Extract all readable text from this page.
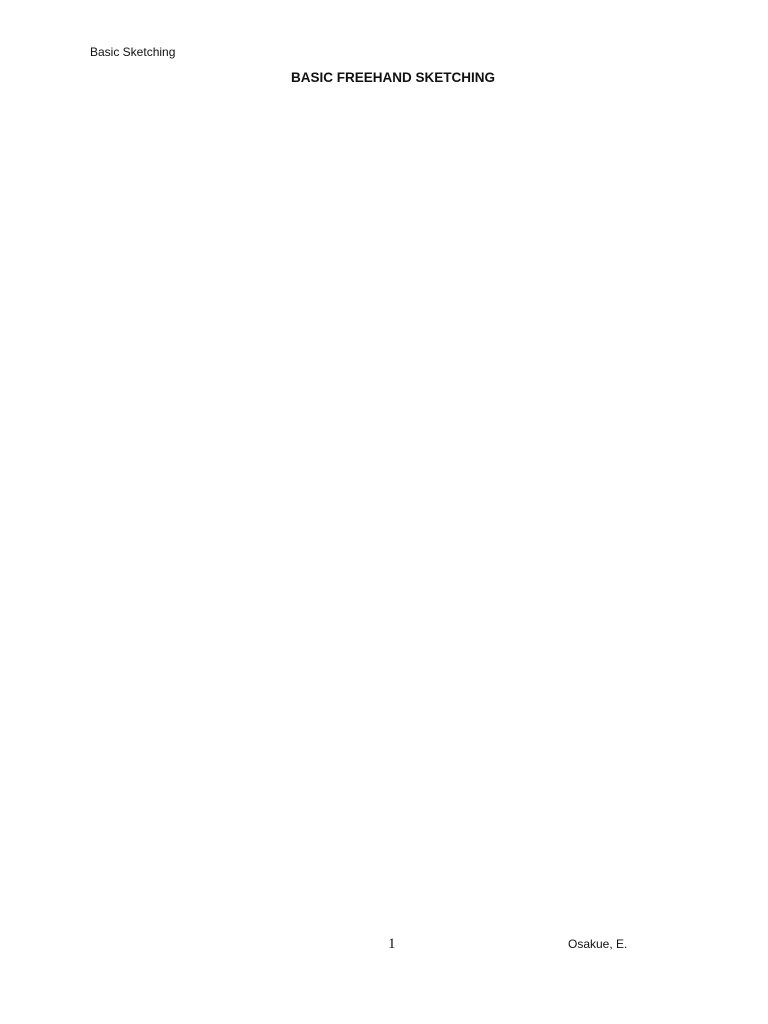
Basic Sketching
BASIC FREEHAND SKETCHING
1	Osakue, E.
